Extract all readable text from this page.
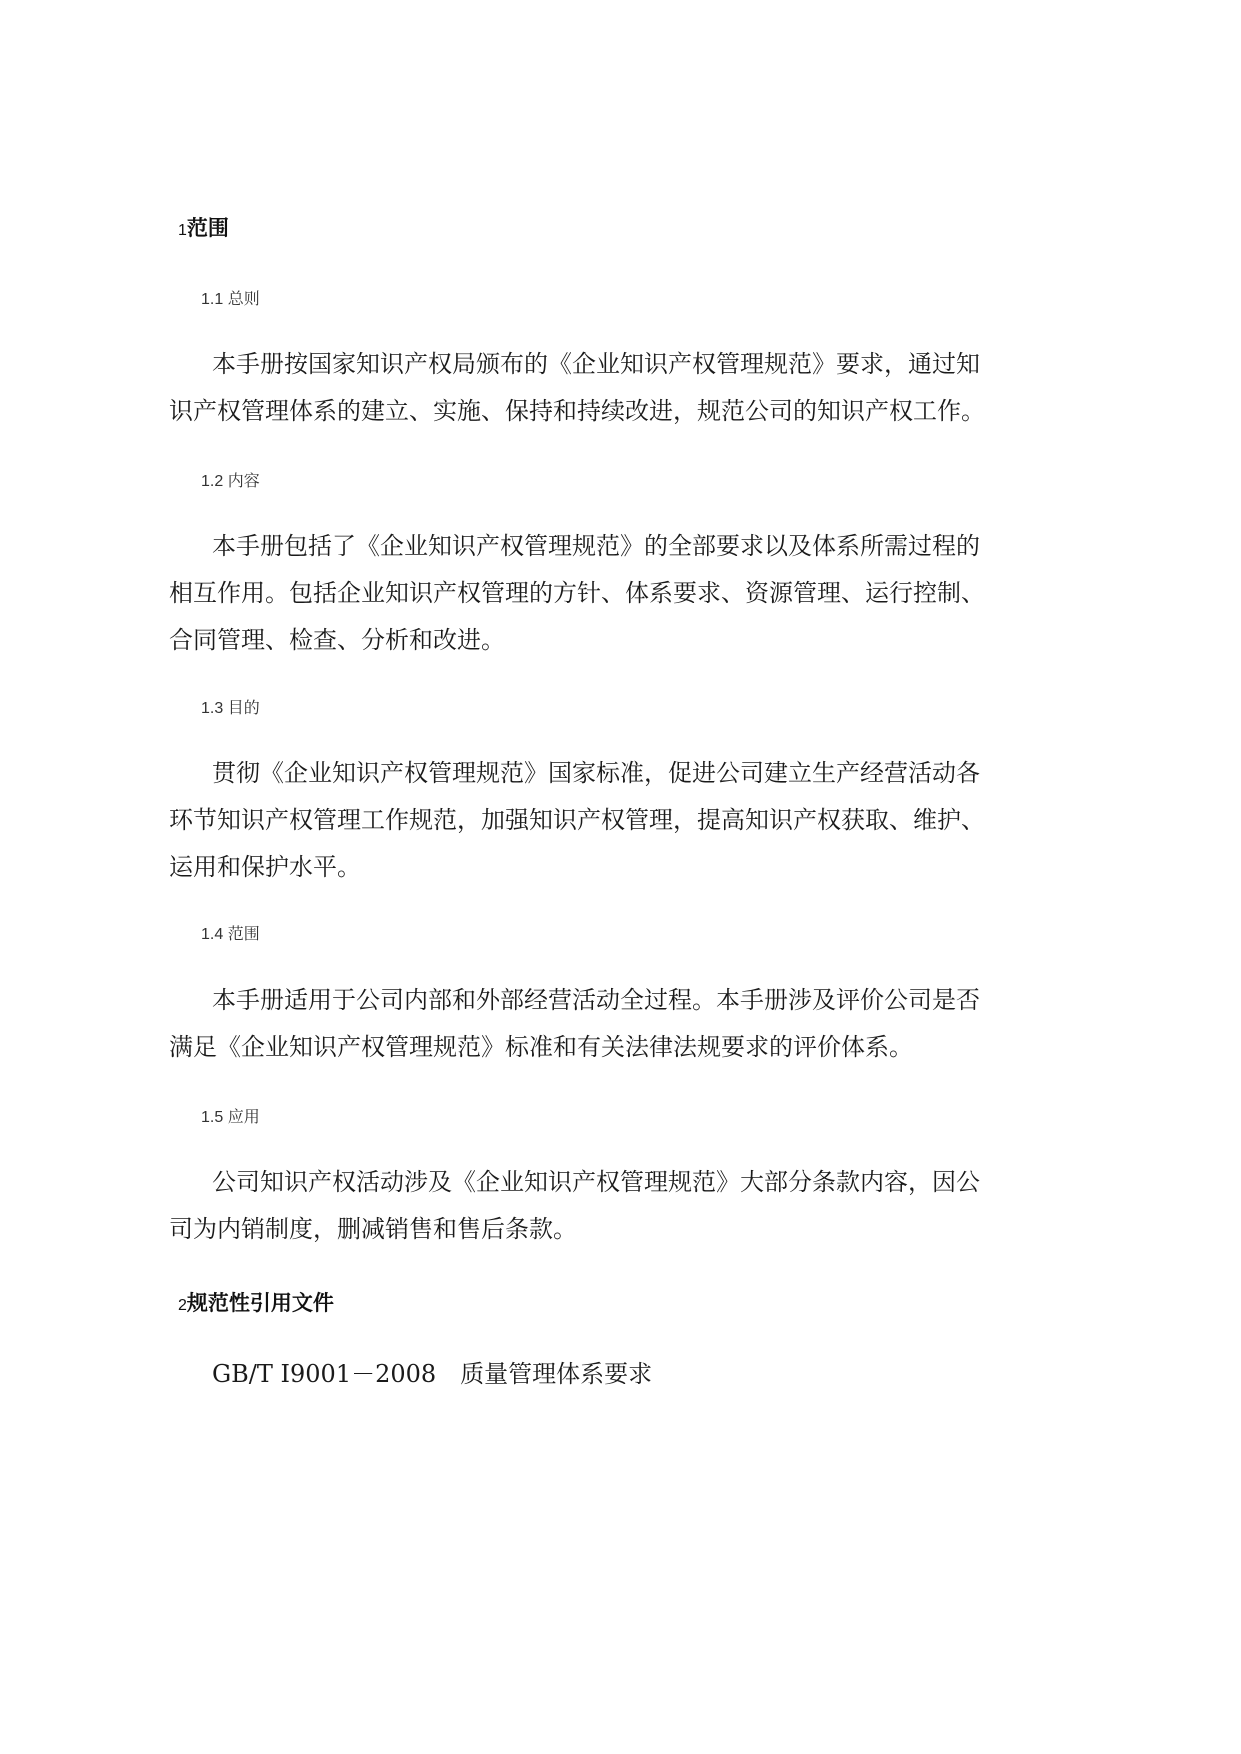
1范围
1.1 总则
本手册按国家知识产权局颁布的《企业知识产权管理规范》要求，通过知
识产权管理体系的建立、实施、保持和持续改进，规范公司的知识产权工作。
1.2 内容
本手册包括了《企业知识产权管理规范》的全部要求以及体系所需过程的
相互作用。包括企业知识产权管理的方针、体系要求、资源管理、运行控制、
合同管理、检查、分析和改进。
1.3 目的
贯彻《企业知识产权管理规范》国家标准，促进公司建立生产经营活动各
环节知识产权管理工作规范，加强知识产权管理，提高知识产权获取、维护、
运用和保护水平。
1.4 范围
本手册适用于公司内部和外部经营活动全过程。本手册涉及评价公司是否
满足《企业知识产权管理规范》标准和有关法律法规要求的评价体系。
1.5 应用
公司知识产权活动涉及《企业知识产权管理规范》大部分条款内容，因公
司为内销制度，删减销售和售后条款。
2规范性引用文件
GB/T I9001－2008　质量管理体系要求
